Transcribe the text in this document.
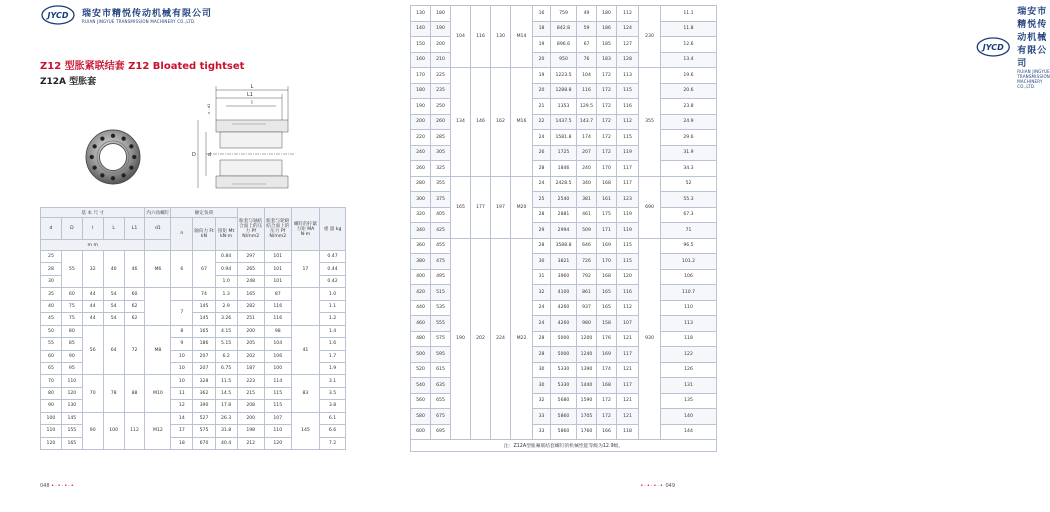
JYCD 瑞安市精悦传动机械有限公司
RUIAN JINGYUE TRANSMISSION MACHINERY CO.,LTD.
Z12 型胀紧联结套 Z12 Bloated tightset
Z12A 型胀套	L
L1
l
D d
n - d1
基 本 尺 寸					内六角螺钉	额定负荷			胀套与轴结合面上的压力 Pf N/mm2	胀套与轮毂结合面上的压力 Pf N/mm2	螺钉的拧紧力矩 MA N·m	重 量 kg
d	D	l	L	L1	d1	n	轴向力 Ft kN	扭矩 Mt kN·m				
m m												
25	55	32	40	46	M6	6	67	0.84	297	101	17	0.47
28								0.94	265	101		0.44
30								1.0	248	101		0.42
35	60	44	54	60			74	1.3	165	87		1.0
40	75	44	54	62		7	145	2.9	282	116		1.1
45	75	44	54	62			145	3.26	251	116		1.2
50	80	56	64	72	M8	8	165	4.15	200	98	41	1.4
55	85					9	186	5.15	205	104		1.6
60	90					10	207	6.2	202	106		1.7
65	95					10	207	6.75	187	100		1.9
70	110	70	78	88	M10	10	328	11.5	223	114	83	3.1
80	120					11	362	14.5	215	115		3.5
90	130					12	390	17.8	208	115		3.8
100	145	90	100	112	M12	14	527	26.3	200	107	145	6.1
110	155					17	575	31.8	198	110		6.6
120	165					18	670	40.4	212	120		7.2
048 •·•·•·•
JYCD
瑞安市精悦传动机械有限公司
RUIAN JINGYUE TRANSMISSION MACHINERY CO.,LTD.
130	180	104	116	130	M14	16	759	49	180	112	230	11.1
140	190					18	842.8	59	186	124		11.8
150	200					19	896.6	67	185	127		12.6
160	210					20	950	76	183	128		13.4
170	225	134	146	162	M16	19	1223.5	104	172	113	355	19.6
180	235					20	1288.8	116	172	115		20.6
190	250					21	1353	129.5	172	116		23.8
200	260					22	1437.5	143.7	172	112		24.9
220	285					24	1581.8	174	172	115		29.6
240	305					26	1725	207	172	119		31.9
260	325					28	1846	240	170	117		34.3
280	355	165	177	197	M20	24	2428.5	340	168	117	690	52
300	375					25	2540	381	161	123		55.3
320	405					28	2881	461	175	119		67.3
340	425					29	2994	509	171	119		71
360	455	190	202	224	M22	28	3588.8	646	169	115	930	96.5
380	475					30	3821	726	170	115		101.2
400	495					31	3960	792	168	120		106
420	515					32	4100	861	165	116		110.7
440	535					24	4260	937	165	112		110
460	555					24	4260	980	158	107		113
480	575					28	5000	1200	176	121		118
500	595					28	5000	1240	169	117		122
520	615					30	5330	1390	174	121		126
540	635					30	5330	1440	168	117		131
560	655					32	5680	1590	172	121		135
580	675					33	5860	1705	172	121		140
600	695					33	5860	1760	166	118		144
注：Z12A型胀紧联结套螺钉的机械性能等级为12.9级。												
•·•·•·• 049
